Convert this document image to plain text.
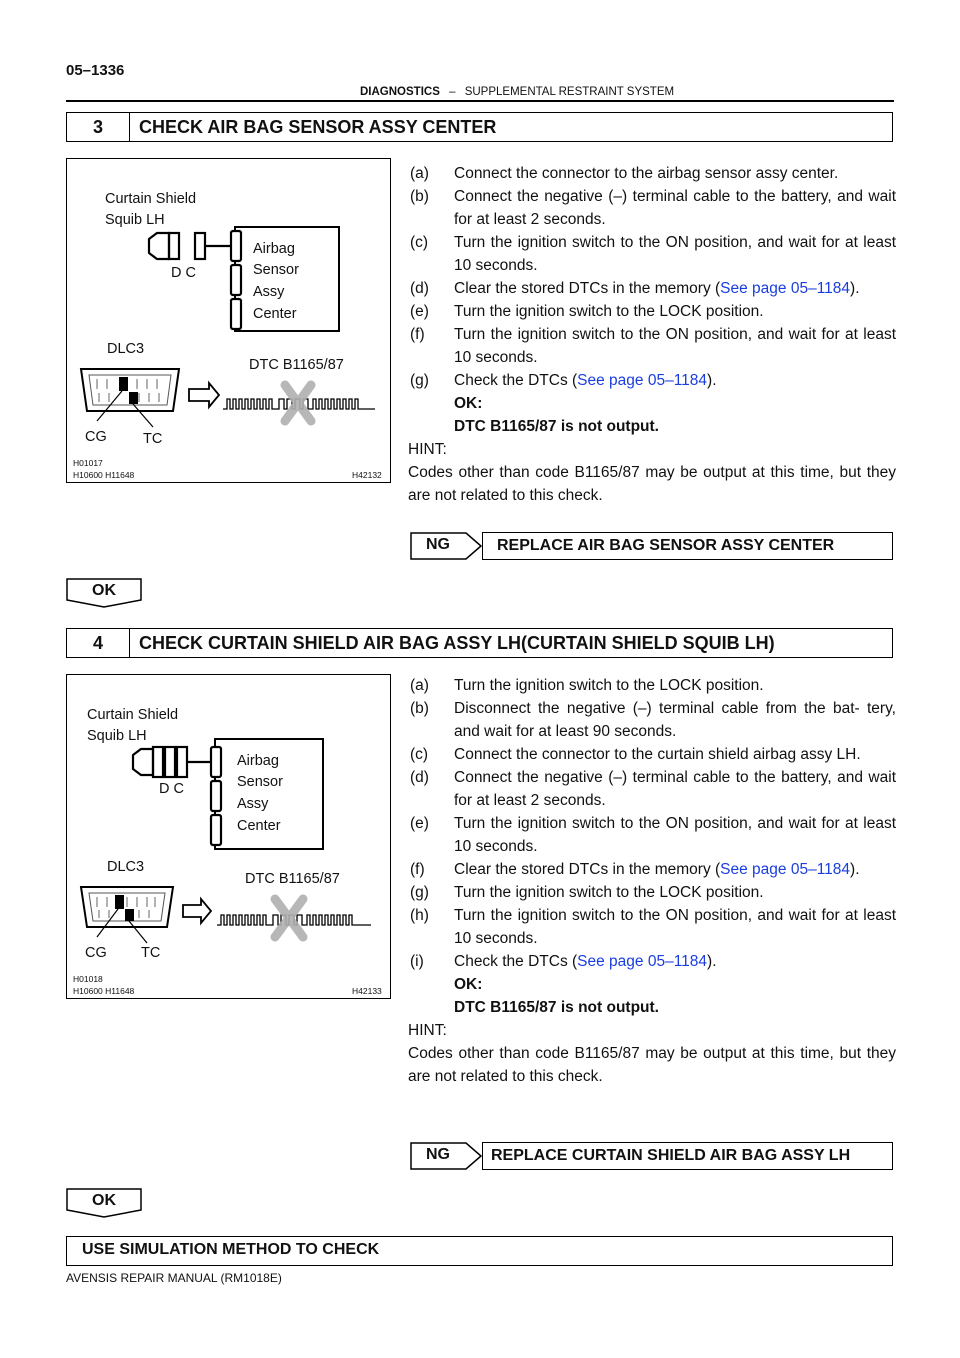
05–1336
DIAGNOSTICS – SUPPLEMENTAL RESTRAINT SYSTEM
3	CHECK AIR BAG SENSOR ASSY CENTER
Curtain Shield
Squib LH
D C
Airbag
Sensor
Assy
Center
DLC3
CG	TC
DTC B1165/87
H01017
H10600 H11648	H42132
(a) Connect the connector to the airbag sensor assy center.
(b) Connect the negative (–) terminal cable to the battery, and wait for at least 2 seconds.
(c) Turn the ignition switch to the ON position, and wait for at least 10 seconds.
(d) Clear the stored DTCs in the memory (See page 05–1184).
(e) Turn the ignition switch to the LOCK position.
(f) Turn the ignition switch to the ON position, and wait for at least 10 seconds.
(g) Check the DTCs (See page 05–1184).
OK:
DTC B1165/87 is not output.
HINT:
Codes other than code B1165/87 may be output at this time, but they are not related to this check.
NG	REPLACE AIR BAG SENSOR ASSY CENTER
OK
4	CHECK CURTAIN SHIELD AIR BAG ASSY LH(CURTAIN SHIELD SQUIB LH)
Curtain Shield
Squib LH
D C
Airbag
Sensor
Assy
Center
DLC3
CG TC
DTC B1165/87
H01018
H10600 H11648	H42133
(a) Turn the ignition switch to the LOCK position.
(b) Disconnect the negative (–) terminal cable from the bat- tery, and wait for at least 90 seconds.
(c) Connect the connector to the curtain shield airbag assy LH.
(d) Connect the negative (–) terminal cable to the battery, and wait for at least 2 seconds.
(e) Turn the ignition switch to the ON position, and wait for at least 10 seconds.
(f) Clear the stored DTCs in the memory (See page 05–1184).
(g) Turn the ignition switch to the LOCK position.
(h) Turn the ignition switch to the ON position, and wait for at least 10 seconds.
(i) Check the DTCs (See page 05–1184).
OK:
DTC B1165/87 is not output.
HINT:
Codes other than code B1165/87 may be output at this time, but they are not related to this check.
NG	REPLACE CURTAIN SHIELD AIR BAG ASSY LH
OK
USE SIMULATION METHOD TO CHECK
AVENSIS REPAIR MANUAL (RM1018E)
